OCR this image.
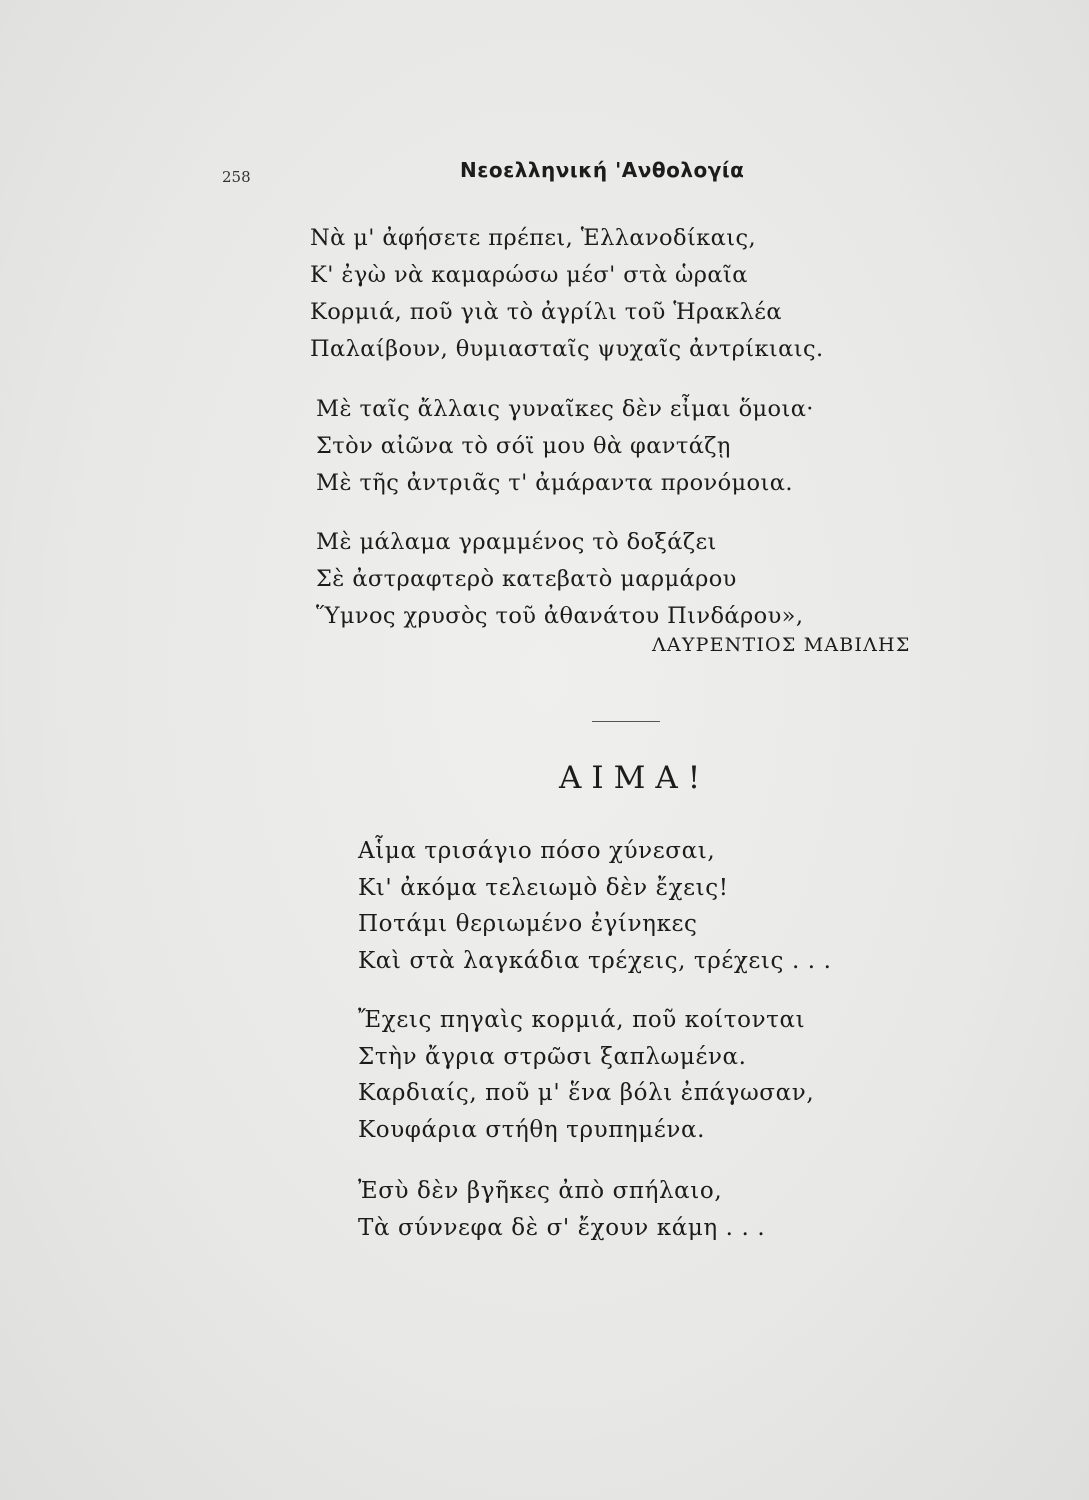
258	Νεοελληνική 'Ανθολογία
Νὰ μ' ἀφήσετε πρέπει, Ἑλλανοδίκαις,
Κ' ἐγὼ νὰ καμαρώσω μέσ' στὰ ὡραῖα
Κορμιά, ποῦ γιὰ τὸ ἀγρίλι τοῦ Ἡρακλέα
Παλαίβουν, θυμιασταῖς ψυχαῖς ἀντρίκιαις.
Μὲ ταῖς ἄλλαις γυναῖκες δὲν εἶμαι ὅμοια·
Στὸν αἰῶνα τὸ σόϊ μου θὰ φαντάζῃ
Μὲ τῆς ἀντριᾶς τ' ἀμάραντα προνόμοια.
Μὲ μάλαμα γραμμένος τὸ δοξάζει
Σὲ ἀστραφτερὸ κατεβατὸ μαρμάρου
Ὕμνος χρυσὸς τοῦ ἀθανάτου Πινδάρου»,
ΛΑΥΡΕΝΤΙΟΣ ΜΑΒΙΛΗΣ
ΑΙΜΑ!
Αἷμα τρισάγιο πόσο χύνεσαι,
Κι' ἀκόμα τελειωμὸ δὲν ἔχεις!
Ποτάμι θεριωμένο ἐγίνηκες
Καὶ στὰ λαγκάδια τρέχεις, τρέχεις . . .
Ἔχεις πηγαὶς κορμιά, ποῦ κοίτονται
Στὴν ἄγρια στρῶσι ξαπλωμένα.
Καρδιαίς, ποῦ μ' ἕνα βόλι ἐπάγωσαν,
Κουφάρια στήθη τρυπημένα.
Ἐσὺ δὲν βγῆκες ἀπὸ σπήλαιο,
Τὰ σύννεφα δὲ σ' ἔχουν κάμη . . .
